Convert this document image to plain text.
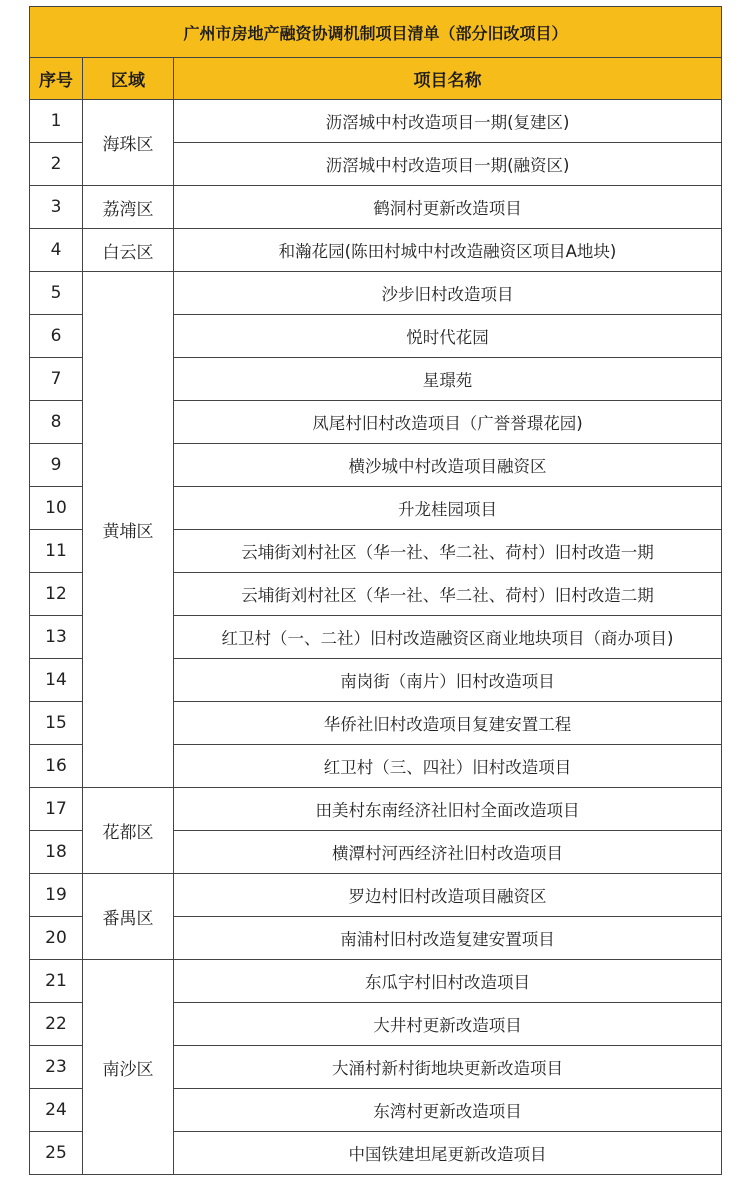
广州市房地产融资协调机制项目清单（部分旧改项目）		
序号	区域	项目名称
1	海珠区	沥滘城中村改造项目一期(复建区)
2		沥滘城中村改造项目一期(融资区)
3	荔湾区	鹤洞村更新改造项目
4	白云区	和瀚花园(陈田村城中村改造融资区项目A地块)
5	黄埔区	沙步旧村改造项目
6		悦时代花园
7		星璟苑
8		凤尾村旧村改造项目（广誉誉璟花园)
9		横沙城中村改造项目融资区
10		升龙桂园项目
11		云埔街刘村社区（华一社、华二社、荷村）旧村改造一期
12		云埔街刘村社区（华一社、华二社、荷村）旧村改造二期
13		红卫村（一、二社）旧村改造融资区商业地块项目（商办项目)
14		南岗街（南片）旧村改造项目
15		华侨社旧村改造项目复建安置工程
16		红卫村（三、四社）旧村改造项目
17	花都区	田美村东南经济社旧村全面改造项目
18		横潭村河西经济社旧村改造项目
19	番禺区	罗边村旧村改造项目融资区
20		南浦村旧村改造复建安置项目
21	南沙区	东瓜宇村旧村改造项目
22		大井村更新改造项目
23		大涌村新村街地块更新改造项目
24		东湾村更新改造项目
25		中国铁建坦尾更新改造项目
